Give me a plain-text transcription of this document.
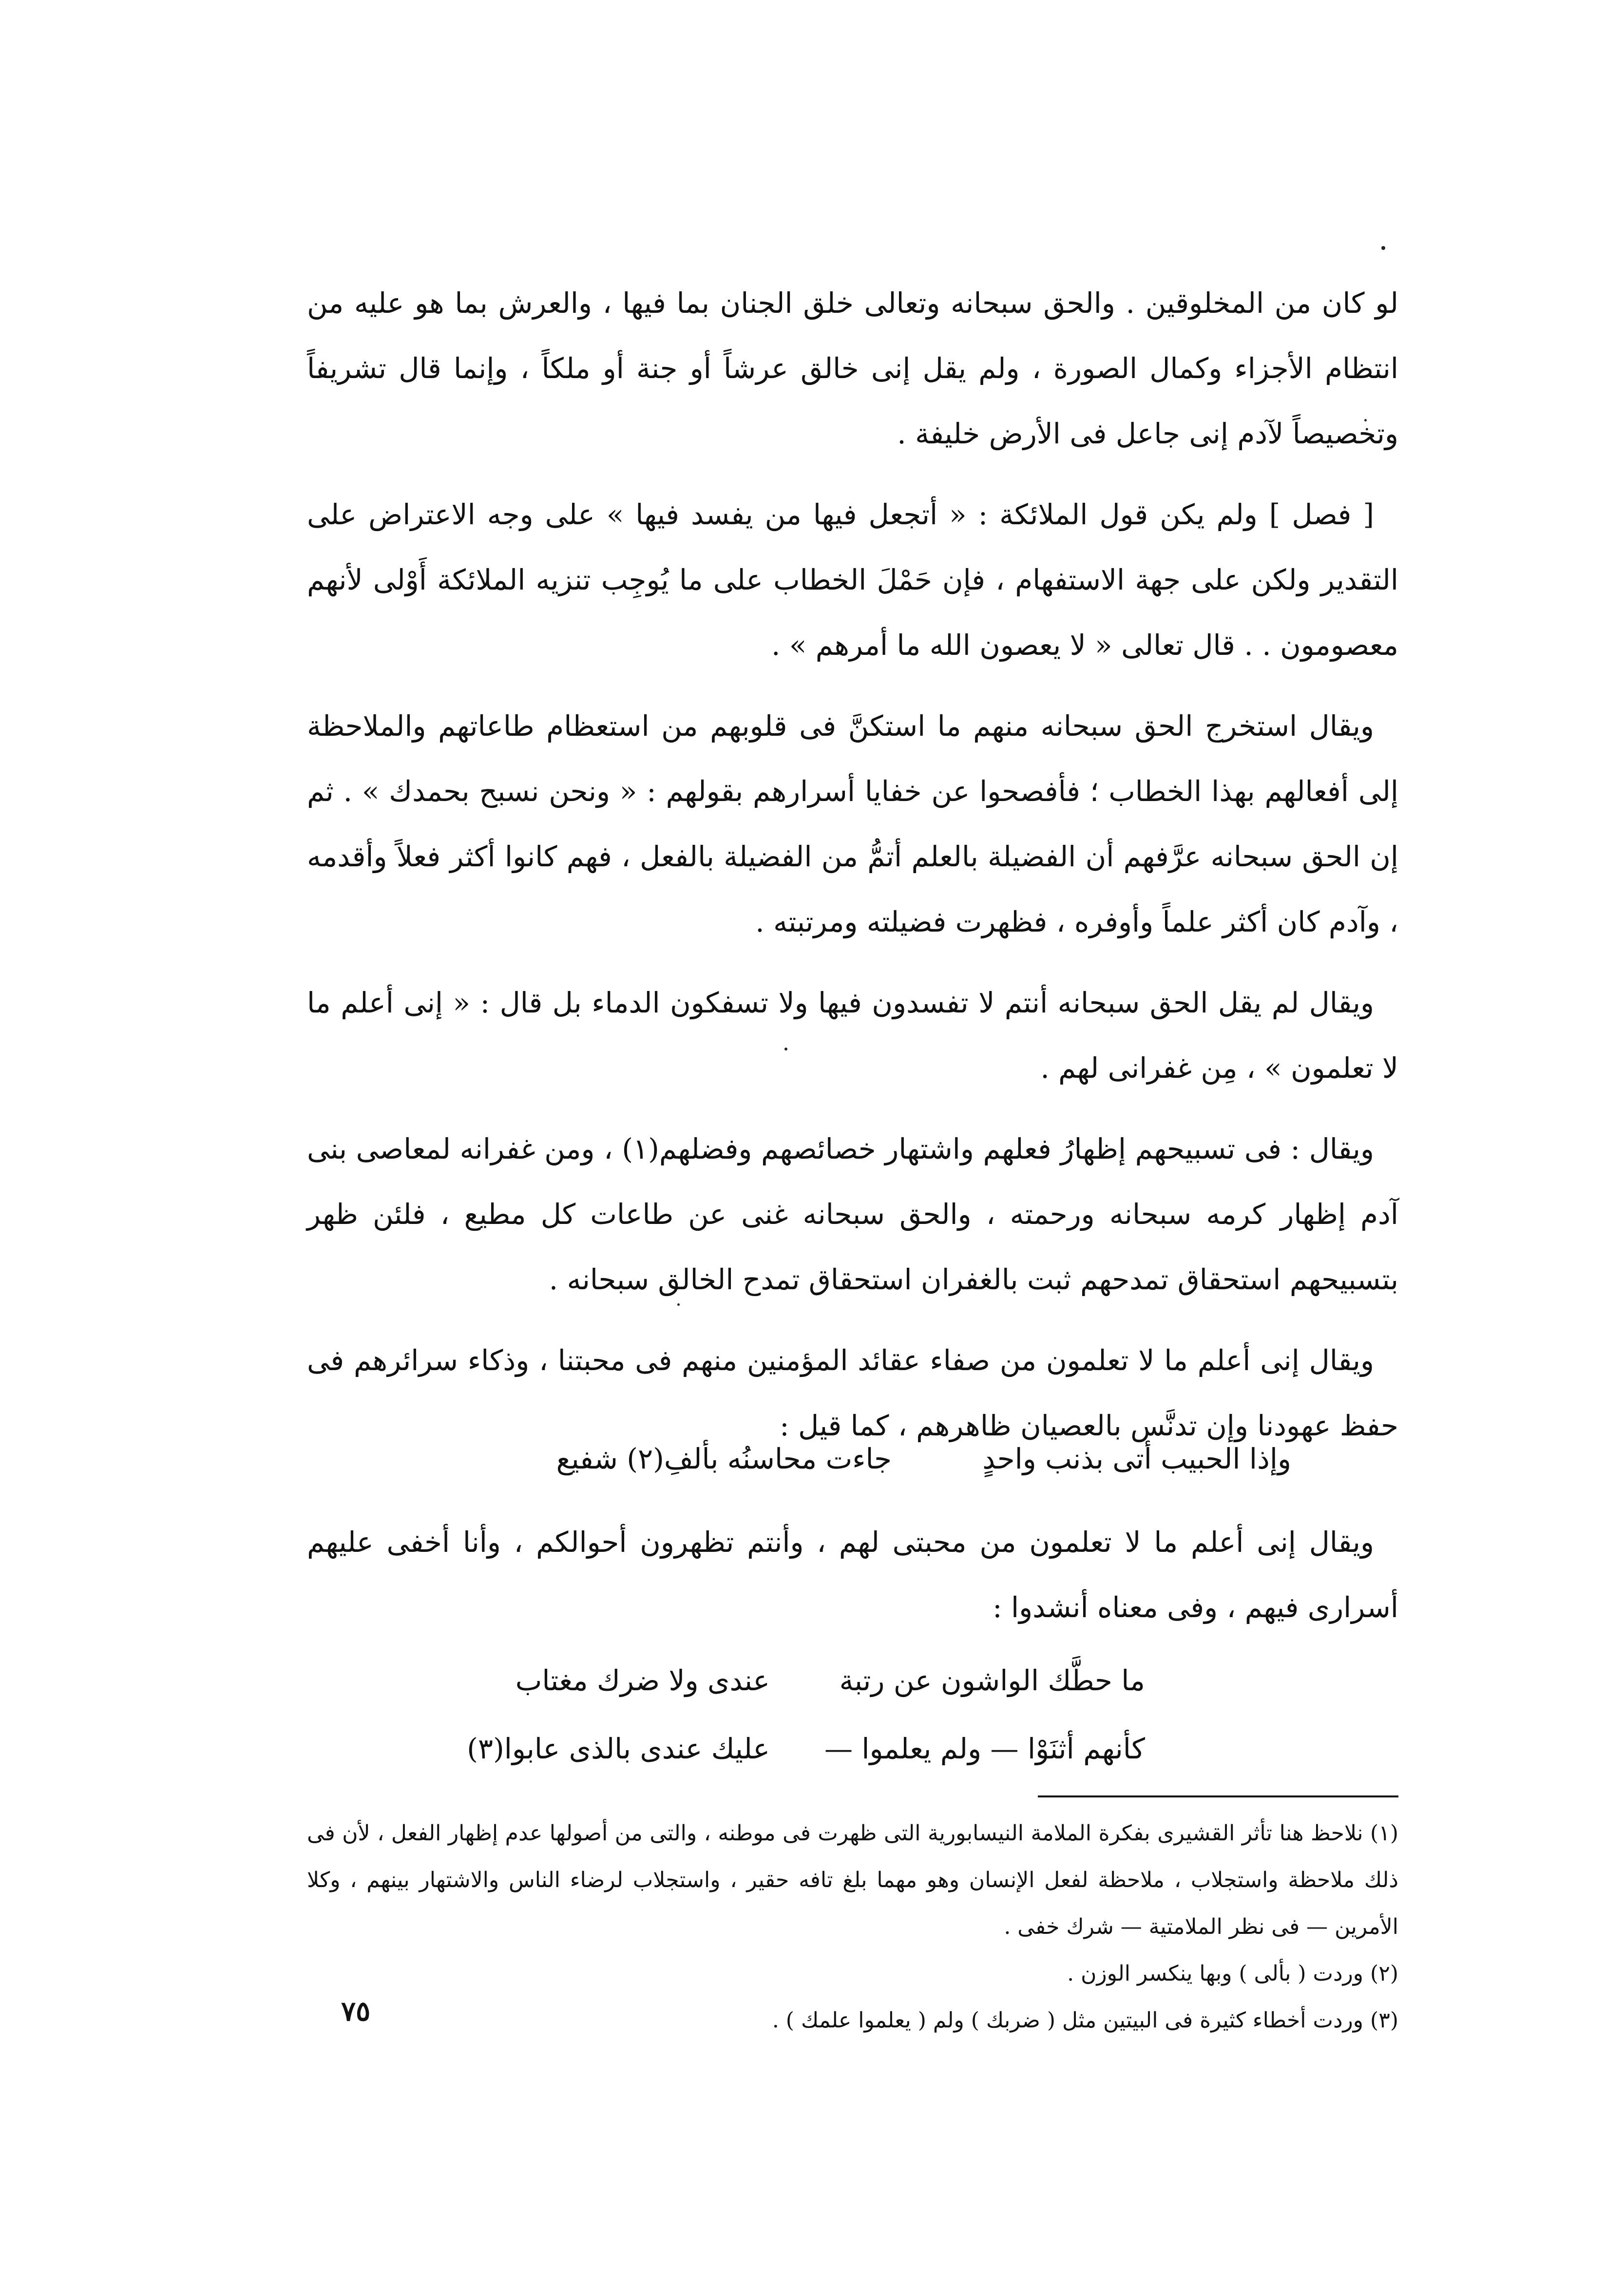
لو كان من المخلوقين . والحق سبحانه وتعالى خلق الجنان بما فيها ، والعرش بما هو عليه من انتظام الأجزاء وكمال الصورة ، ولم يقل إنى خالق عرشاً أو جنة أو ملكاً ، وإنما قال تشريفاً وتخصيصاً لآدم إنى جاعل فى الأرض خليفة .

[ فصل ] ولم يكن قول الملائكة : « أتجعل فيها من يفسد فيها » على وجه الاعتراض على التقدير ولكن على جهة الاستفهام ، فإن حَمْلَ الخطاب على ما يُوجِب تنزيه الملائكة أَوْلى لأنهم معصومون . . قال تعالى « لا يعصون الله ما أمرهم » .

ويقال استخرج الحق سبحانه منهم ما استكنَّ فى قلوبهم من استعظام طاعاتهم والملاحظة إلى أفعالهم بهذا الخطاب ؛ فأفصحوا عن خفايا أسرارهم بقولهم : « ونحن نسبح بحمدك » . ثم إن الحق سبحانه عرَّفهم أن الفضيلة بالعلم أتمُّ من الفضيلة بالفعل ، فهم كانوا أكثر فعلاً وأقدمه ، وآدم كان أكثر علماً وأوفره ، فظهرت فضيلته ومرتبته .

ويقال لم يقل الحق سبحانه أنتم لا تفسدون فيها ولا تسفكون الدماء بل قال : « إنى أعلم ما لا تعلمون » ، مِن غفرانى لهم .

ويقال : فى تسبيحهم إظهارُ فعلهم واشتهار خصائصهم وفضلهم(١) ، ومن غفرانه لمعاصى بنى آدم إظهار كرمه سبحانه ورحمته ، والحق سبحانه غنى عن طاعات كل مطيع ، فلئن ظهر بتسبيحهم استحقاق تمدحهم ثبت بالغفران استحقاق تمدح الخالق سبحانه .

ويقال إنى أعلم ما لا تعلمون من صفاء عقائد المؤمنين منهم فى محبتنا ، وذكاء سرائرهم فى حفظ عهودنا وإن تدنَّس بالعصيان ظاهرهم ، كما قيل :

وإذا الحبيب أتى بذنب واحدٍ
جاءت محاسنُه بألفِ(٢) شفيع

ويقال إنى أعلم ما لا تعلمون من محبتى لهم ، وأنتم تظهرون أحوالكم ، وأنا أخفى عليهم أسرارى فيهم ، وفى معناه أنشدوا :

ما حطَّك الواشون عن رتبة
عندى ولا ضرك مغتاب
كأنهم أثنَوْا — ولم يعلموا —
عليك عندى بالذى عابوا(٣)

(١) نلاحظ هنا تأثر القشيرى بفكرة الملامة النيسابورية التى ظهرت فى موطنه ، والتى من أصولها عدم إظهار الفعل ، لأن فى ذلك ملاحظة واستجلاب ، ملاحظة لفعل الإنسان وهو مهما بلغ تافه حقير ، واستجلاب لرضاء الناس والاشتهار بينهم ، وكلا الأمرين — فى نظر الملامتية — شرك خفى .

(٢) وردت ( بألى ) وبها ينكسر الوزن .

(٣) وردت أخطاء كثيرة فى البيتين مثل ( ضربك ) ولم ( يعلموا علمك ) .

٧٥
